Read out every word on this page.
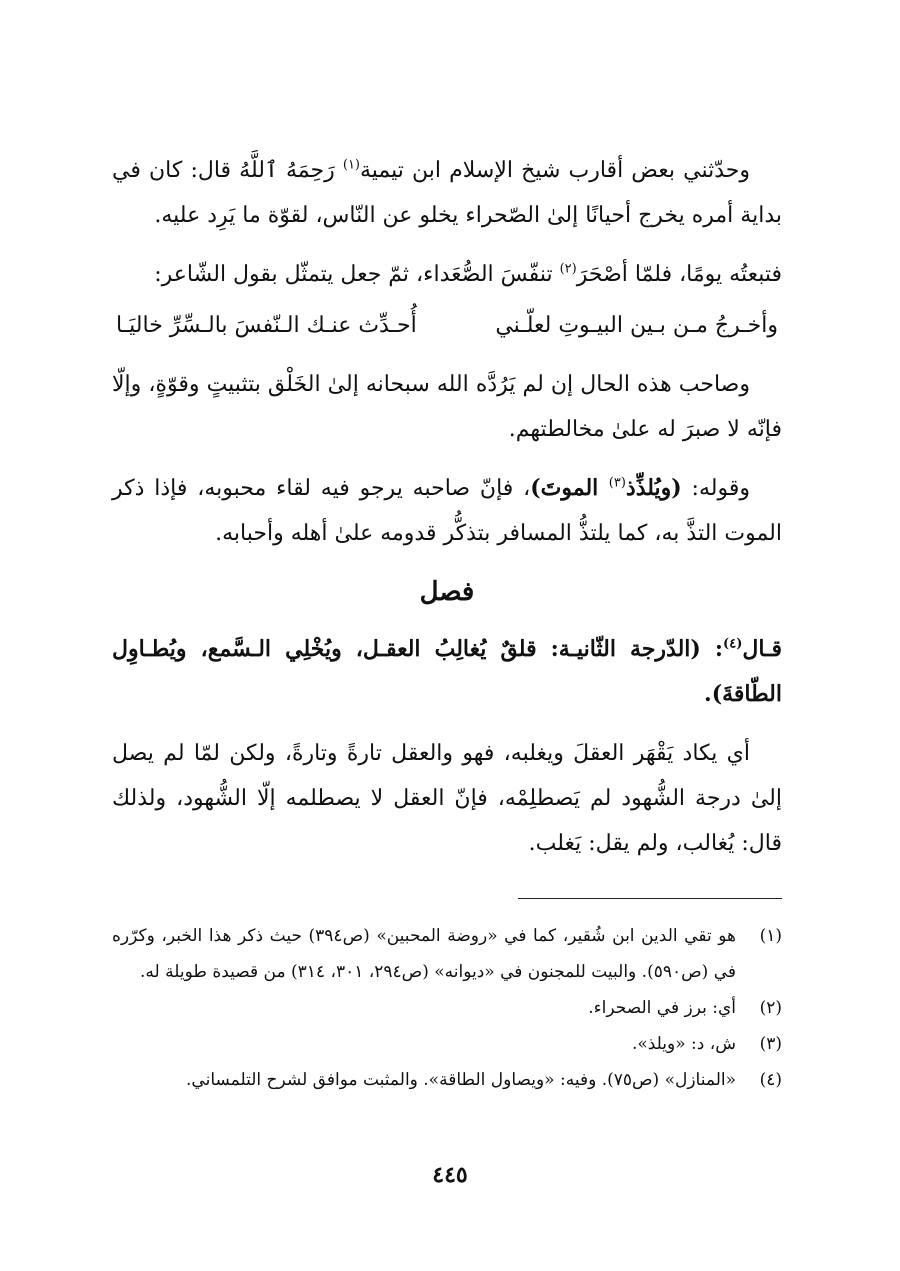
وحدّثني بعض أقارب شيخ الإسلام ابن تيمية$^{(١)}$ رَحِمَهُ ٱللَّهُ قال: كان في بداية أمره يخرج أحيانًا إلىٰ الصّحراء يخلو عن النّاس، لقوّة ما يَرِد عليه.

فتبعتُه يومًا، فلمّا أصْحَرَ$^{(٢)}$ تنفّسَ الصُّعَداء، ثمّ جعل يتمثّل بقول الشّاعر:

وأخـرجُ مـن بـين البيـوتِ لعلّـني
أُحـدِّث عنـك الـنّفسَ بالـسِّرِّ خاليَـا

وصاحب هذه الحال إن لم يَرُدَّه الله سبحانه إلىٰ الخَلْق بتثبيتٍ وقوّةٍ، وإلّا فإنّه لا صبرَ له علىٰ مخالطتهم.

وقوله: (ويُلذِّذ$^{(٣)}$ الموتَ)، فإنّ صاحبه يرجو فيه لقاء محبوبه، فإذا ذكر الموت التذَّ به، كما يلتذُّ المسافر بتذكُّر قدومه علىٰ أهله وأحبابه.

فصل

قـال$^{(٤)}$: (الدّرجة الثّانيـة: قلقٌ يُغالِبُ العقـل، ويُخْلِي الـسَّمع، ويُطـاوِل الطّاقةَ).

أي يكاد يَقْهَر العقلَ ويغلبه، فهو والعقل تارةً وتارةً، ولكن لمّا لم يصل إلىٰ درجة الشُّهود لم يَصطلِمْه، فإنّ العقل لا يصطلمه إلّا الشُّهود، ولذلك قال: يُغالب، ولم يقل: يَغلب.

(١)
هو تقي الدين ابن شُقير، كما في «روضة المحبين» (ص٣٩٤) حيث ذكر هذا الخبر، وكرّره في (ص٥٩٠). والبيت للمجنون في «ديوانه» (ص٢٩٤، ٣٠١، ٣١٤) من قصيدة طويلة له.
(٢)
أي: برز في الصحراء.
(٣)
ش، د: «ويلذ».
(٤)
«المنازل» (ص٧٥). وفيه: «ويصاول الطاقة». والمثبت موافق لشرح التلمساني.
٤٤٥
